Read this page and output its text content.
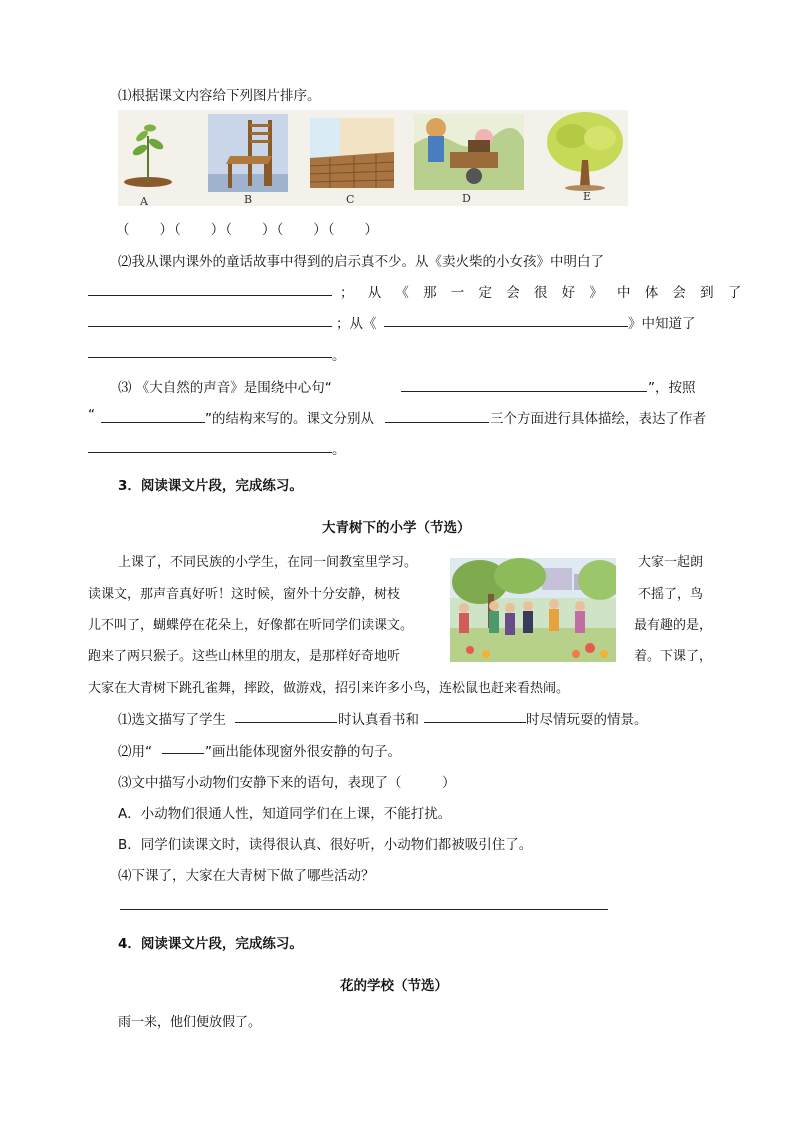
⑴根据课文内容给下列图片排序。
A	B	C	D	E
（　　）（　　）（　　）（　　）（　　）
⑵我从课内课外的童话故事中得到的启示真不少。从《卖火柴的小女孩》中明白了
；从《那一定会很好》中体会到了
；从《	》中知道了
。
⑶ 《大自然的声音》是围绕中心句“	”，按照
“	”的结构来写的。课文分别从	三个方面进行具体描绘，表达了作者
。
3．阅读课文片段，完成练习。
大青树下的小学（节选）
上课了，不同民族的小学生，在同一间教室里学习。	大家一起朗
读课文，那声音真好听！这时候，窗外十分安静，树枝	不摇了，鸟
儿不叫了，蝴蝶停在花朵上，好像都在听同学们读课文。	最有趣的是，
跑来了两只猴子。这些山林里的朋友，是那样好奇地听	着。下课了，
大家在大青树下跳孔雀舞，摔跤，做游戏，招引来许多小鸟，连松鼠也赶来看热闹。
⑴选文描写了学生	时认真看书和	时尽情玩耍的情景。
⑵用“	”画出能体现窗外很安静的句子。
⑶文中描写小动物们安静下来的语句，表现了（　　　）
A．小动物们很通人性，知道同学们在上课，不能打扰。
B．同学们读课文时，读得很认真、很好听，小动物们都被吸引住了。
⑷下课了，大家在大青树下做了哪些活动？
4．阅读课文片段，完成练习。
花的学校（节选）
雨一来，他们便放假了。
